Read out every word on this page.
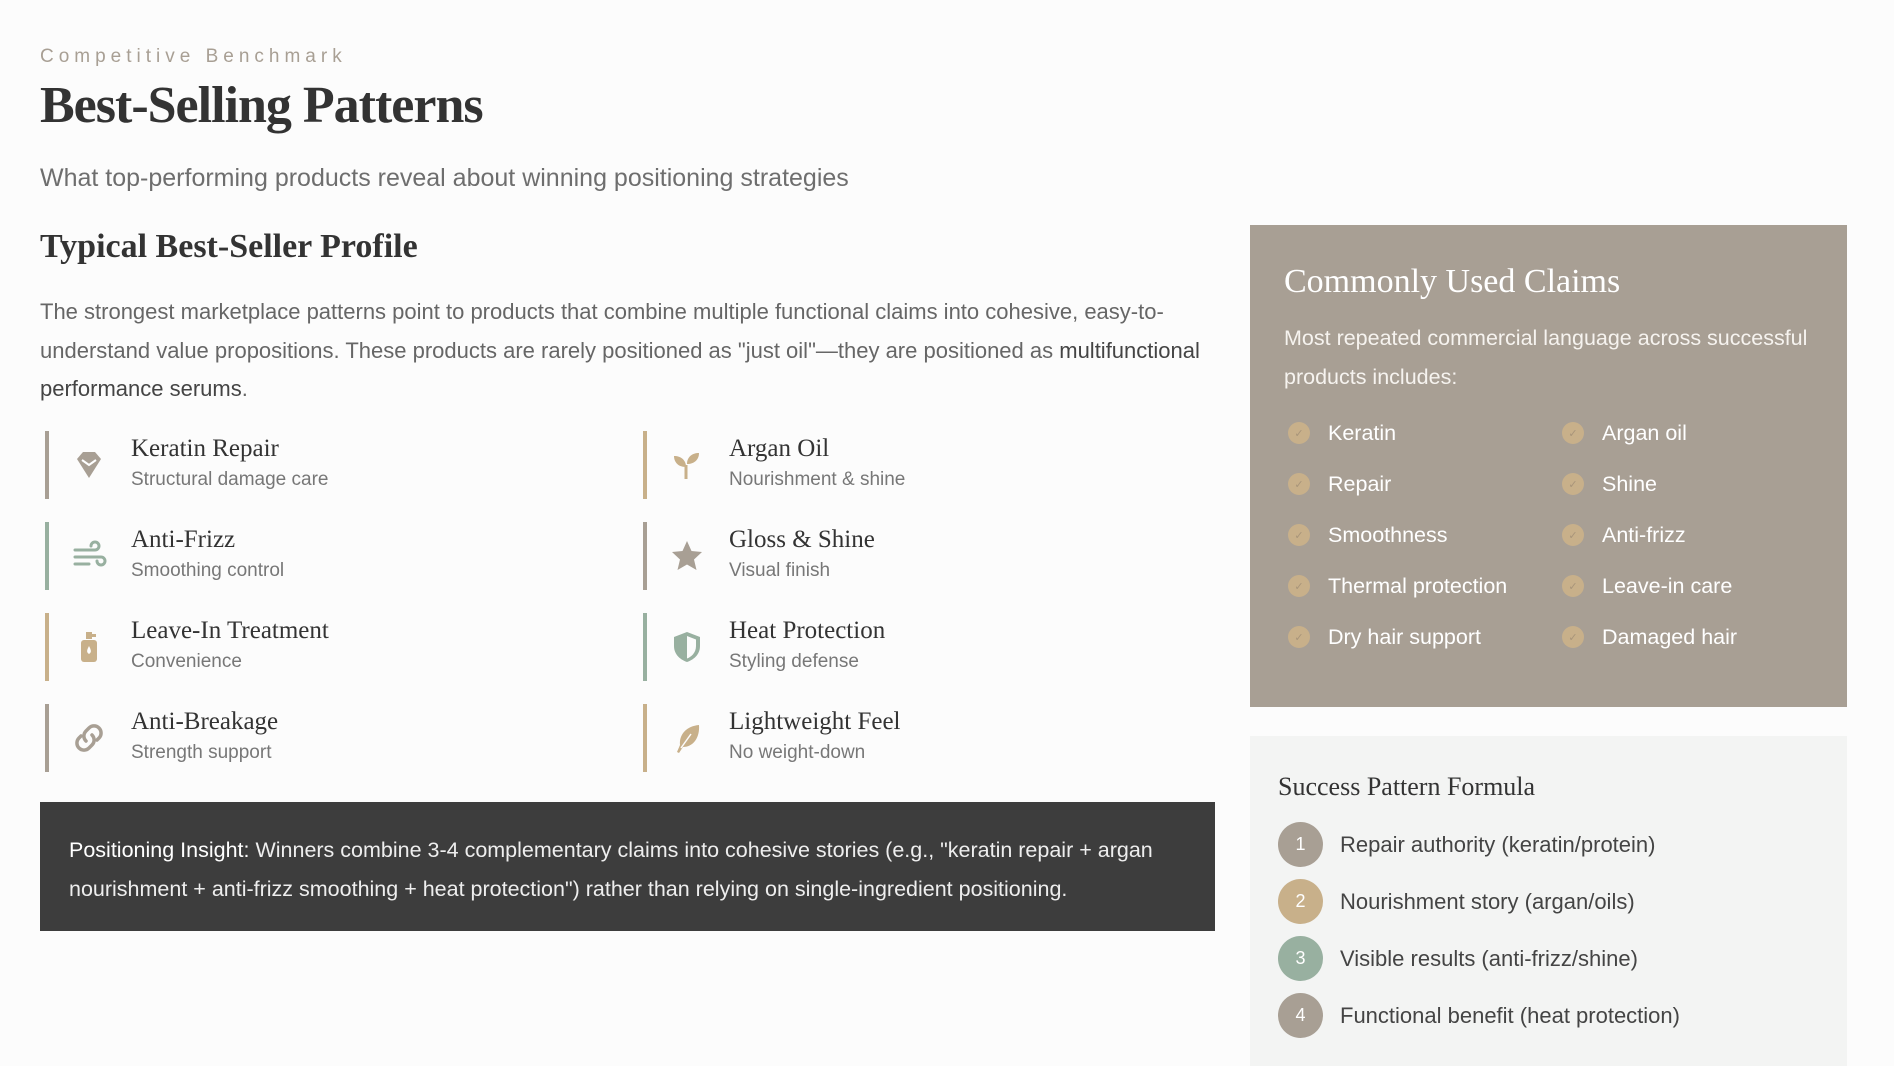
Competitive Benchmark
Best-Selling Patterns
What top-performing products reveal about winning positioning strategies
Typical Best-Seller Profile

The strongest marketplace patterns point to products that combine multiple functional claims into cohesive, easy-to-understand value propositions. These products are rarely positioned as "just oil"—they are positioned as multifunctional performance serums.

Keratin Repair
Structural damage care
Argan Oil
Nourishment & shine
Anti-Frizz
Smoothing control
Gloss & Shine
Visual finish
Leave-In Treatment
Convenience
Heat Protection
Styling defense
Anti-Breakage
Strength support
Lightweight Feel
No weight-down
Positioning Insight: Winners combine 3-4 complementary claims into cohesive stories (e.g., "keratin repair + argan nourishment + anti-frizz smoothing + heat protection") rather than relying on single-ingredient positioning.
Commonly Used Claims

Most repeated commercial language across successful products includes:

✓ Keratin	✓ Argan oil
✓ Repair	✓ Shine
✓ Smoothness	✓ Anti-frizz
✓ Thermal protection	✓ Leave-in care
✓ Dry hair support	✓ Damaged hair
Success Pattern Formula
1	Repair authority (keratin/protein)
2	Nourishment story (argan/oils)
3	Visible results (anti-frizz/shine)
4	Functional benefit (heat protection)
